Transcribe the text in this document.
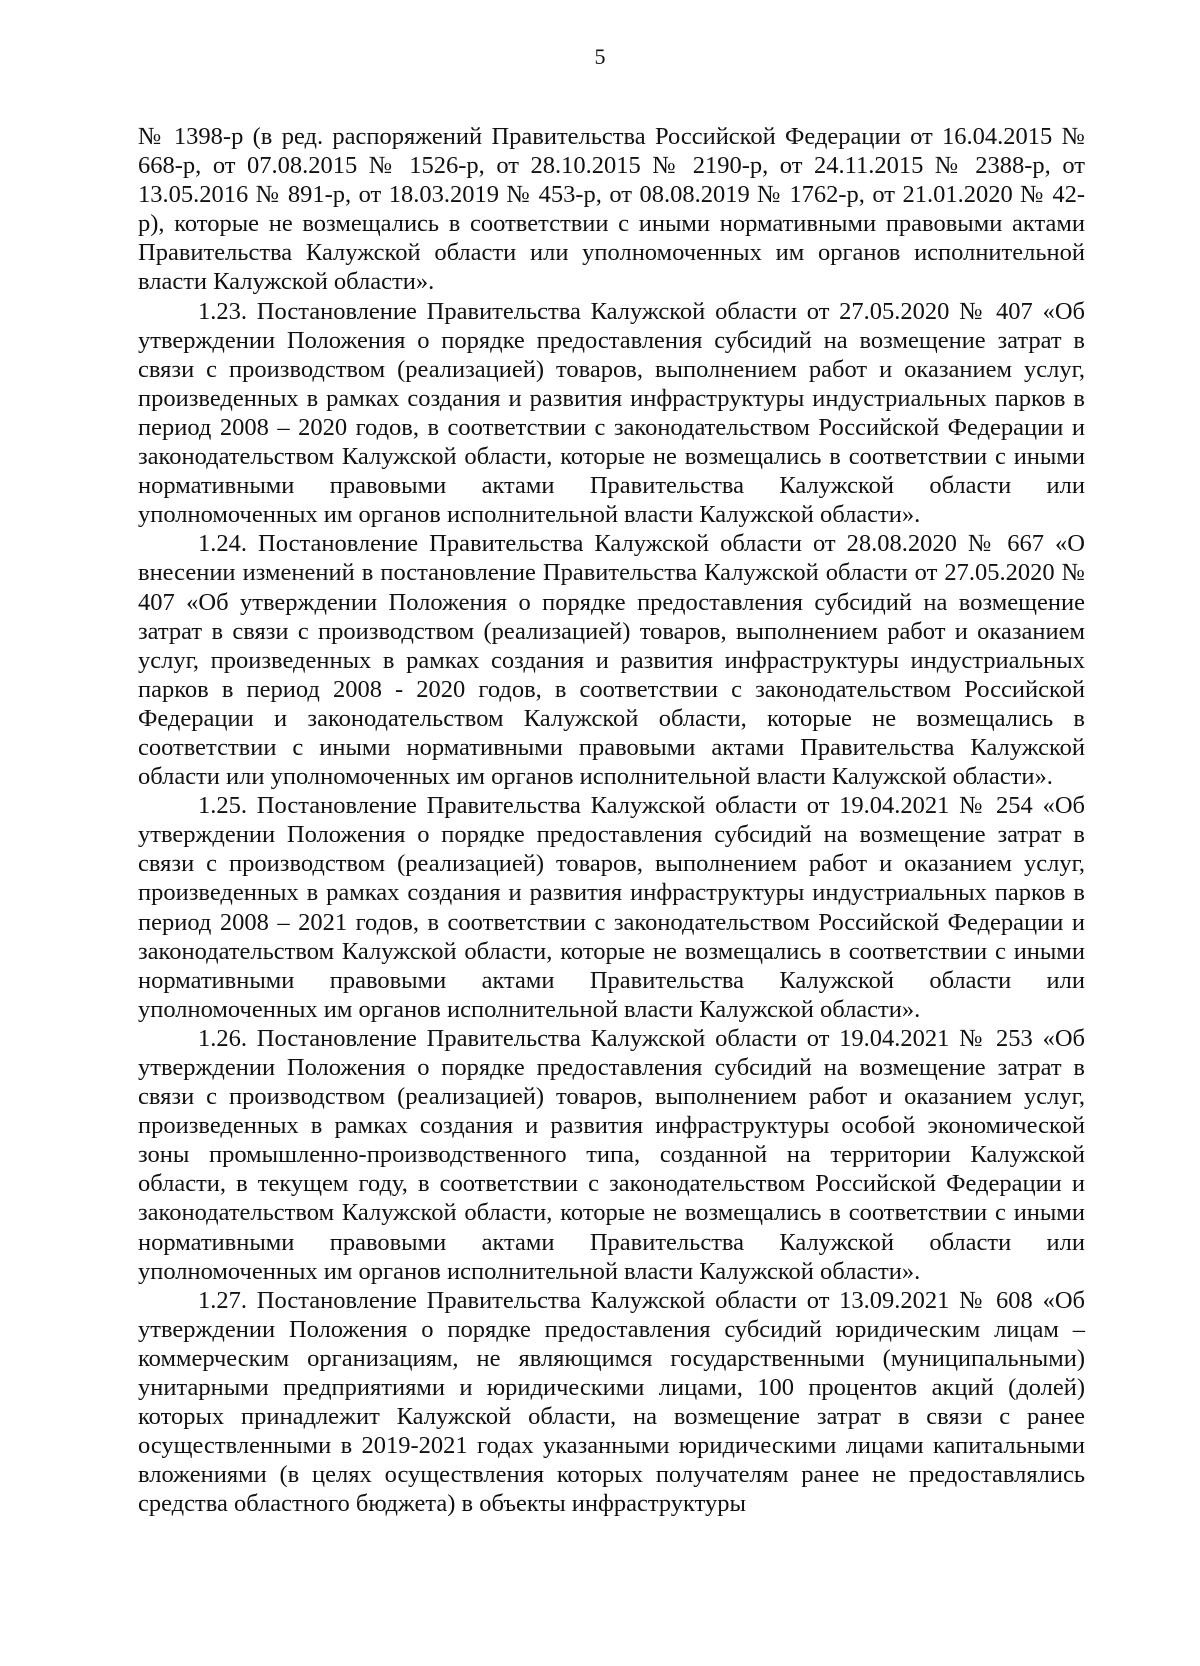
5

№ 1398-р (в ред. распоряжений Правительства Российской Федерации от 16.04.2015 № 668-р, от 07.08.2015 № 1526-р, от 28.10.2015 № 2190-р, от 24.11.2015 № 2388-р, от 13.05.2016 № 891-р, от 18.03.2019 № 453-р, от 08.08.2019 № 1762-р, от 21.01.2020 № 42-р), которые не возмещались в соответствии с иными нормативными правовыми актами Правительства Калужской области или уполномоченных им органов исполнительной власти Калужской области».

1.23. Постановление Правительства Калужской области от 27.05.2020 № 407 «Об утверждении Положения о порядке предоставления субсидий на возмещение затрат в связи с производством (реализацией) товаров, выполнением работ и оказанием услуг, произведенных в рамках создания и развития инфраструктуры индустриальных парков в период 2008 – 2020 годов, в соответствии с законодательством Российской Федерации и законодательством Калужской области, которые не возмещались в соответствии с иными нормативными правовыми актами Правительства Калужской области или уполномоченных им органов исполнительной власти Калужской области».

1.24. Постановление Правительства Калужской области от 28.08.2020 № 667 «О внесении изменений в постановление Правительства Калужской области от 27.05.2020 № 407 «Об утверждении Положения о порядке предоставления субсидий на возмещение затрат в связи с производством (реализацией) товаров, выполнением работ и оказанием услуг, произведенных в рамках создания и развития инфраструктуры индустриальных парков в период 2008 - 2020 годов, в соответствии с законодательством Российской Федерации и законодательством Калужской области, которые не возмещались в соответствии с иными нормативными правовыми актами Правительства Калужской области или уполномоченных им органов исполнительной власти Калужской области».

1.25. Постановление Правительства Калужской области от 19.04.2021 № 254 «Об утверждении Положения о порядке предоставления субсидий на возмещение затрат в связи с производством (реализацией) товаров, выполнением работ и оказанием услуг, произведенных в рамках создания и развития инфраструктуры индустриальных парков в период 2008 – 2021 годов, в соответствии с законодательством Российской Федерации и законодательством Калужской области, которые не возмещались в соответствии с иными нормативными правовыми актами Правительства Калужской области или уполномоченных им органов исполнительной власти Калужской области».

1.26. Постановление Правительства Калужской области от 19.04.2021 № 253 «Об утверждении Положения о порядке предоставления субсидий на возмещение затрат в связи с производством (реализацией) товаров, выполнением работ и оказанием услуг, произведенных в рамках создания и развития инфраструктуры особой экономической зоны промышленно-производственного типа, созданной на территории Калужской области, в текущем году, в соответствии с законодательством Российской Федерации и законодательством Калужской области, которые не возмещались в соответствии с иными нормативными правовыми актами Правительства Калужской области или уполномоченных им органов исполнительной власти Калужской области».

1.27. Постановление Правительства Калужской области от 13.09.2021 № 608 «Об утверждении Положения о порядке предоставления субсидий юридическим лицам – коммерческим организациям, не являющимся государственными (муниципальными) унитарными предприятиями и юридическими лицами, 100 процентов акций (долей) которых принадлежит Калужской области, на возмещение затрат в связи с ранее осуществленными в 2019-2021 годах указанными юридическими лицами капитальными вложениями (в целях осуществления которых получателям ранее не предоставлялись средства областного бюджета) в объекты инфраструктуры
